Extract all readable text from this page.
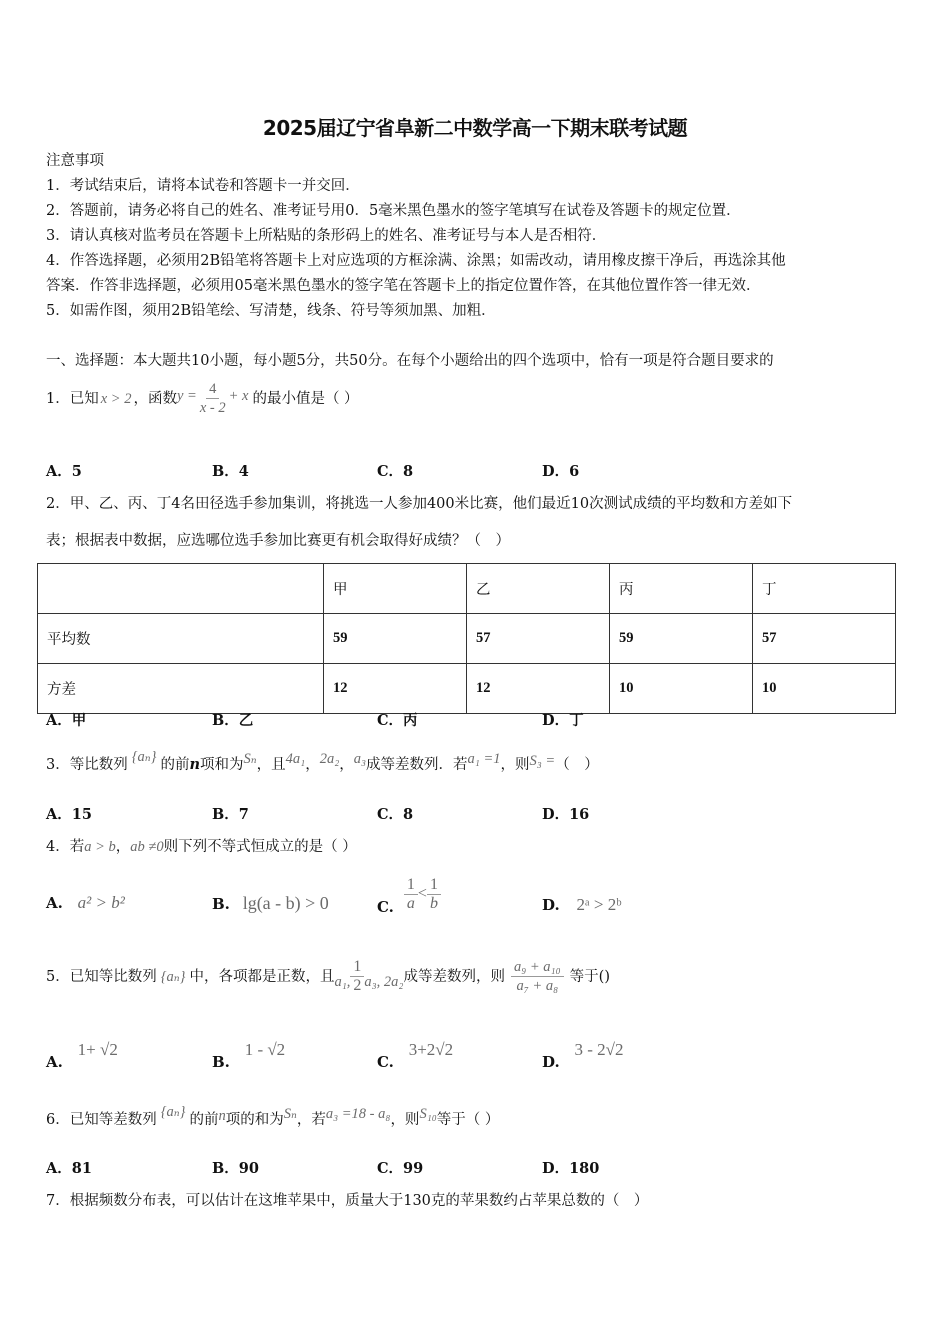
2025届辽宁省阜新二中数学高一下期末联考试题
注意事项
1．考试结束后，请将本试卷和答题卡一并交回．
2．答题前，请务必将自己的姓名、准考证号用0．5毫米黑色墨水的签字笔填写在试卷及答题卡的规定位置．
3．请认真核对监考员在答题卡上所粘贴的条形码上的姓名、准考证号与本人是否相符．
4．作答选择题，必须用2B铅笔将答题卡上对应选项的方框涂满、涂黑；如需改动，请用橡皮擦干净后，再选涂其他
答案．作答非选择题，必须用05毫米黑色墨水的签字笔在答题卡上的指定位置作答，在其他位置作答一律无效．
5．如需作图，须用2B铅笔绘、写清楚，线条、符号等须加黑、加粗．
一、选择题：本大题共10小题，每小题5分，共50分。在每个小题给出的四个选项中，恰有一项是符合题目要求的
1．已知 x > 2 ，函数 $y = \frac{4}{x - 2} + x$ 的最小值是（ ）
A．5	B．4	C．8	D．6
2．甲、乙、丙、丁4名田径选手参加集训，将挑选一人参加400米比赛，他们最近10次测试成绩的平均数和方差如下
表；根据表中数据，应选哪位选手参加比赛更有机会取得好成绩？（　）
	甲	乙	丙	丁
平均数	59	57	59	57
方差	12	12	10	10
A．甲	B．乙	C．丙	D．丁
3．等比数列 {aₙ} 的前n项和为Sₙ，且4a₁，2a₂，a₃成等差数列．若a₁ =1，则S₃ =（　）
A．15	B．7	C．8	D．16
4．若a > b，ab ≠0则下列不等式恒成立的是（ ）
A. a² > b²	B. lg(a - b) > 0	C. $\frac{1}{a} < \frac{1}{b}$	D. 2ᵃ > 2ᵇ
5．已知等比数列 {aₙ} 中，各项都是正数，且 a₁, $\frac{1}{2} a_3$, 2a₂ 成等差数列，则 $\frac{\text{a₉ + a₁₀}}{\text{a₇ + a₈}}$ 等于()
A. 1+ √2
B. 1 - √2
C. 3+2√2
D. 3 - 2√2
6．已知等差数列 {aₙ} 的前n项的和为Sₙ，若a₃ =18 - a₈，则S₁₀等于（ ）
A．81	B．90	C．99	D．180
7．根据频数分布表，可以估计在这堆苹果中，质量大于130克的苹果数约占苹果总数的（　）
